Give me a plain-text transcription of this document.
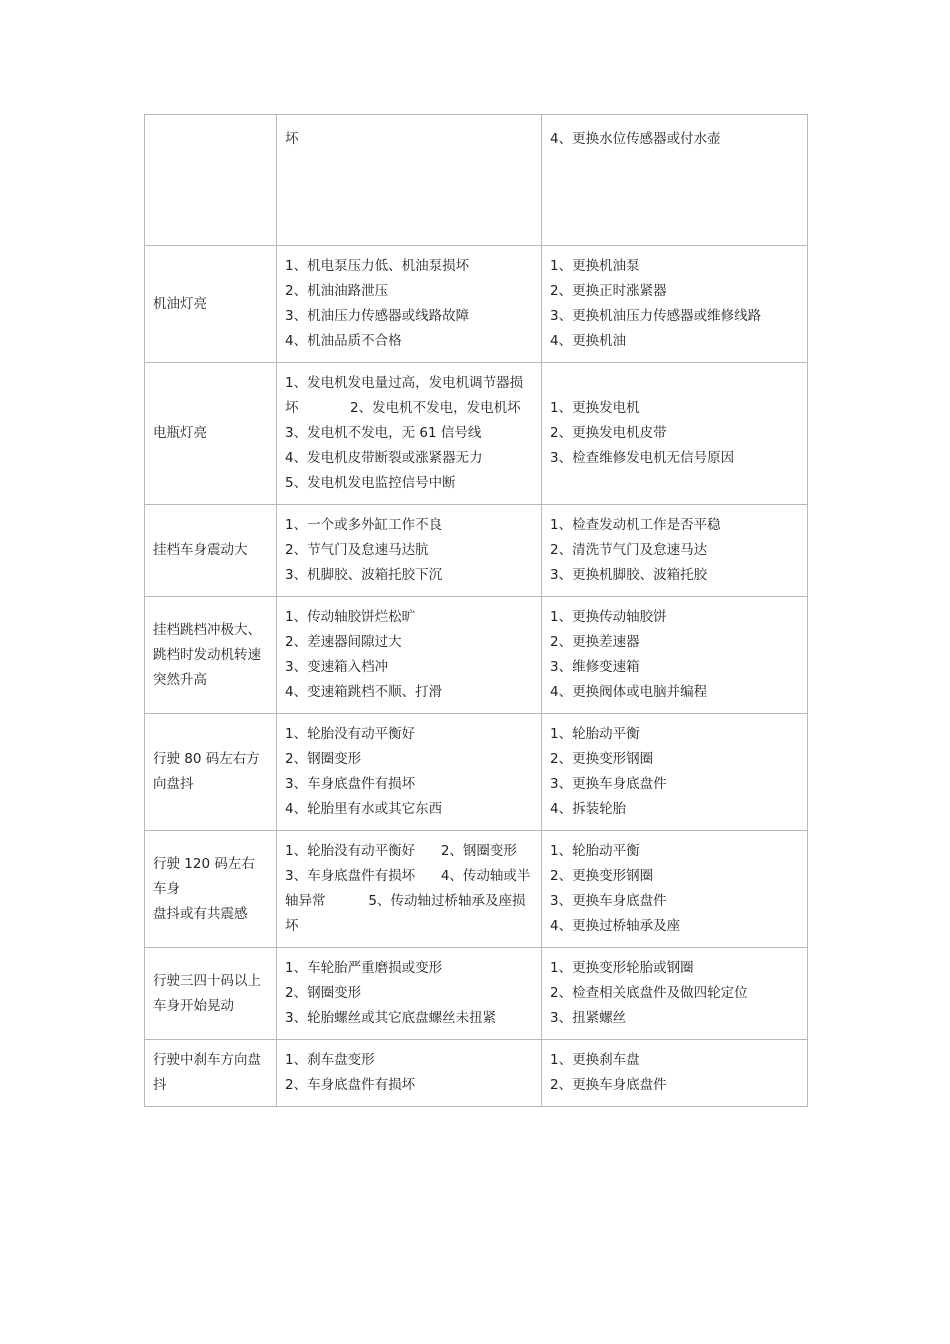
	坏	4、更换水位传感器或付水壶

机油灯亮	1、机电泵压力低、机油泵损坏
2、机油油路泄压
3、机油压力传感器或线路故障
4、机油品质不合格	1、更换机油泵
2、更换正时涨紧器
3、更换机油压力传感器或维修线路
4、更换机油

电瓶灯亮	1、发电机发电量过高，发电机调节器损坏            2、发电机不发电，发电机坏
3、发电机不发电，无 61 信号线
4、发电机皮带断裂或涨紧器无力
5、发电机发电监控信号中断	1、更换发电机
2、更换发电机皮带
3、检查维修发电机无信号原因

挂档车身震动大	1、一个或多外缸工作不良
2、节气门及怠速马达肮
3、机脚胶、波箱托胶下沉	1、检查发动机工作是否平稳
2、清洗节气门及怠速马达
3、更换机脚胶、波箱托胶

挂档跳档冲极大、跳档时发动机转速突然升高	1、传动轴胶饼烂松旷
2、差速器间隙过大
3、变速箱入档冲
4、变速箱跳档不顺、打滑	1、更换传动轴胶饼
2、更换差速器
3、维修变速箱
4、更换阀体或电脑并编程

行驶 80 码左右方向盘抖	1、轮胎没有动平衡好
2、钢圈变形
3、车身底盘件有损坏
4、轮胎里有水或其它东西	1、轮胎动平衡
2、更换变形钢圈
3、更换车身底盘件
4、拆装轮胎

行驶 120 码左右车身
盘抖或有共震感	1、轮胎没有动平衡好      2、钢圈变形
3、车身底盘件有损坏      4、传动轴或半轴异常          5、传动轴过桥轴承及座损坏	1、轮胎动平衡
2、更换变形钢圈
3、更换车身底盘件
4、更换过桥轴承及座

行驶三四十码以上车身开始晃动	1、车轮胎严重磨损或变形
2、钢圈变形
3、轮胎螺丝或其它底盘螺丝未扭紧	1、更换变形轮胎或钢圈
2、检查相关底盘件及做四轮定位
3、扭紧螺丝

行驶中刹车方向盘抖	1、刹车盘变形
2、车身底盘件有损坏	1、更换刹车盘
2、更换车身底盘件
